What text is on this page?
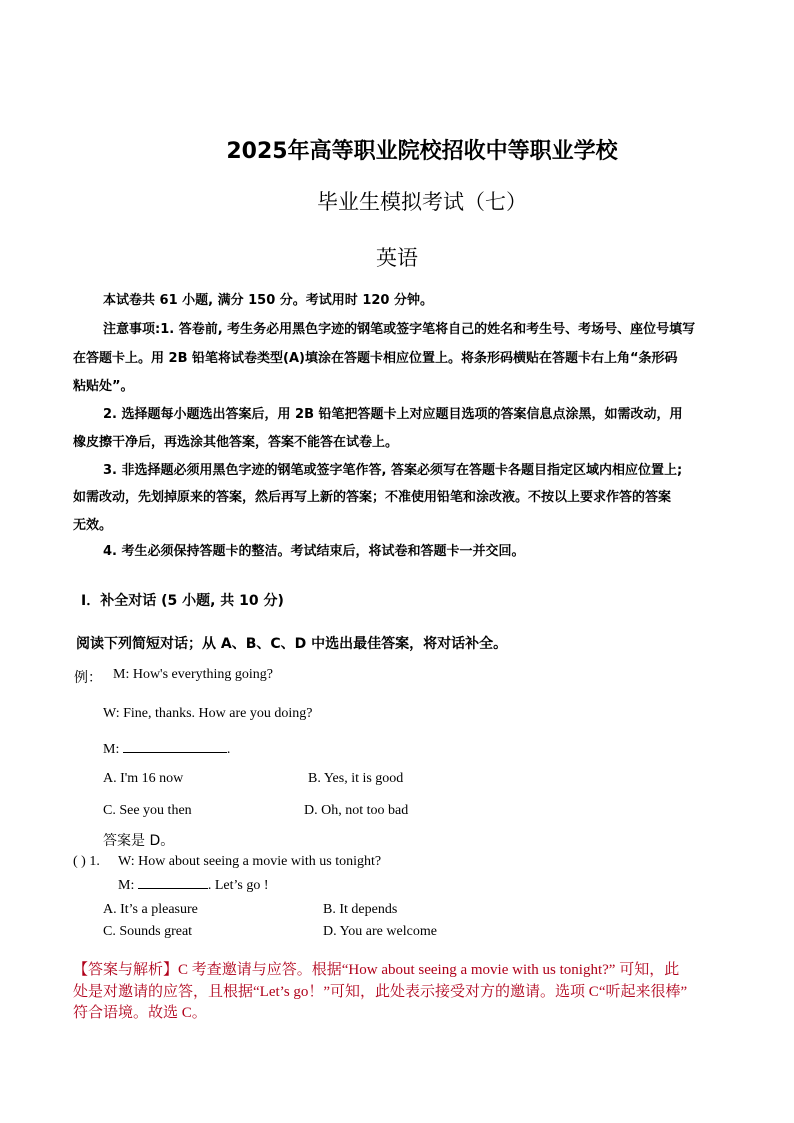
2025年高等职业院校招收中等职业学校
毕业生模拟考试（七）
英语
本试卷共 61 小题, 满分 150 分。考试用时 120 分钟。
注意事项:1. 答卷前, 考生务必用黑色字迹的钢笔或签字笔将自己的姓名和考生号、考场号、座位号填写
在答题卡上。用 2B 铅笔将试卷类型(A)填涂在答题卡相应位置上。将条形码横贴在答题卡右上角“条形码
粘贴处”。
2. 选择题每小题选出答案后，用 2B 铅笔把答题卡上对应题目选项的答案信息点涂黑，如需改动，用
橡皮擦干净后，再选涂其他答案，答案不能答在试卷上。
3. 非选择题必须用黑色字迹的钢笔或签字笔作答, 答案必须写在答题卡各题目指定区域内相应位置上;
如需改动，先划掉原来的答案，然后再写上新的答案；不准使用铅笔和涂改液。不按以上要求作答的答案
无效。
4. 考生必须保持答题卡的整洁。考试结束后，将试卷和答题卡一并交回。
Ⅰ．补全对话 (5 小题, 共 10 分)
阅读下列简短对话；从 A、B、C、D 中选出最佳答案，将对话补全。
例： M: How's everything going?
W: Fine, thanks. How are you doing?
M:	.
A. I'm 16 now	B. Yes, it is good
C. See you then	D. Oh, not too bad
答案是 D。
( ) 1. W: How about seeing a movie with us tonight?
M:	. Let’s go !
A. It’s a pleasure	B. It depends
C. Sounds great	D. You are welcome
【答案与解析】C 考查邀请与应答。根据“How about seeing a movie with us tonight?” 可知，此
处是对邀请的应答，且根据“Let’s go！”可知，此处表示接受对方的邀请。选项 C“听起来很棒”
符合语境。故选 C。
